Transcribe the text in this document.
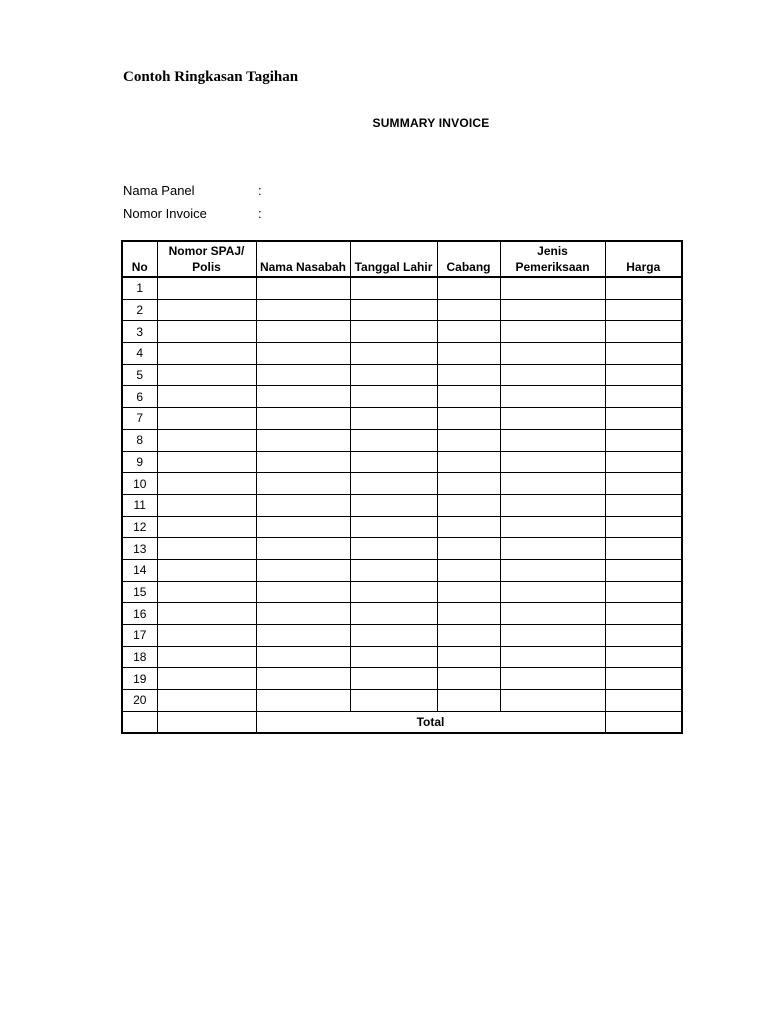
Contoh Ringkasan Tagihan
SUMMARY INVOICE
Nama Panel	:
Nomor Invoice	:
No	Nomor SPAJ/ Polis	Nama Nasabah	Tanggal Lahir	Cabang	Jenis Pemeriksaan	Harga
1						
2						
3						
4						
5						
6						
7						
8						
9						
10						
11						
12						
13						
14						
15						
16						
17						
18						
19						
20						
		Total				
